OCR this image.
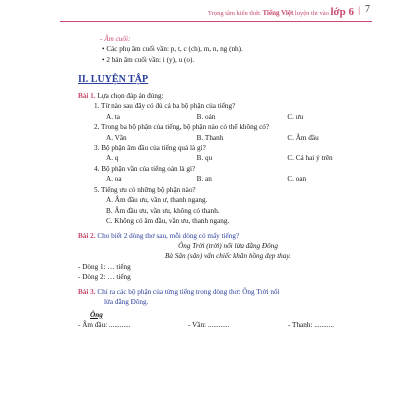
Trọng tâm kiến thức Tiếng Việt luyện thi vào lớp 6 | 7

- Âm cuối:

• Các phụ âm cuối vần: p, t, c (ch), m, n, ng (nh).

• 2 bán âm cuối vần: i (y), u (o).

II. LUYỆN TẬP

Bài 1. Lựa chọn đáp án đúng:

1. Từ nào sau đây có đủ cả ba bộ phận của tiếng?

A. ta	B. oán	C. ưu

2. Trong ba bộ phận của tiếng, bộ phận nào có thể không có?

A. Vần	B. Thanh	C. Âm đầu

3. Bộ phận âm đầu của tiếng quả là gì?

A. q	B. qu	C. Cả hai ý trên

4. Bộ phận vần của tiếng oán là gì?

A. oa	B. an	C. oan

5. Tiếng ưu có những bộ phận nào?

A. Âm đầu ưu, vần ư, thanh ngang.

B. Âm đầu ưu, vần ưu, không có thanh.

C. Không có âm đầu, vần ưu, thanh ngang.

Bài 2. Cho biết 2 dòng thơ sau, mỗi dòng có mấy tiếng?

Ông Trời (trời) nổi lửa đằng Đông

Bà Sân (sân) vấn chiếc khăn hồng đẹp thay.

- Dòng 1: … tiếng

- Dòng 2: … tiếng

Bài 3. Chỉ ra các bộ phận của từng tiếng trong dòng thơ: Ông Trời nổi

lửa đằng Đông.

Ông

- Âm đầu: ............	- Vần: ............	- Thanh: ...........
